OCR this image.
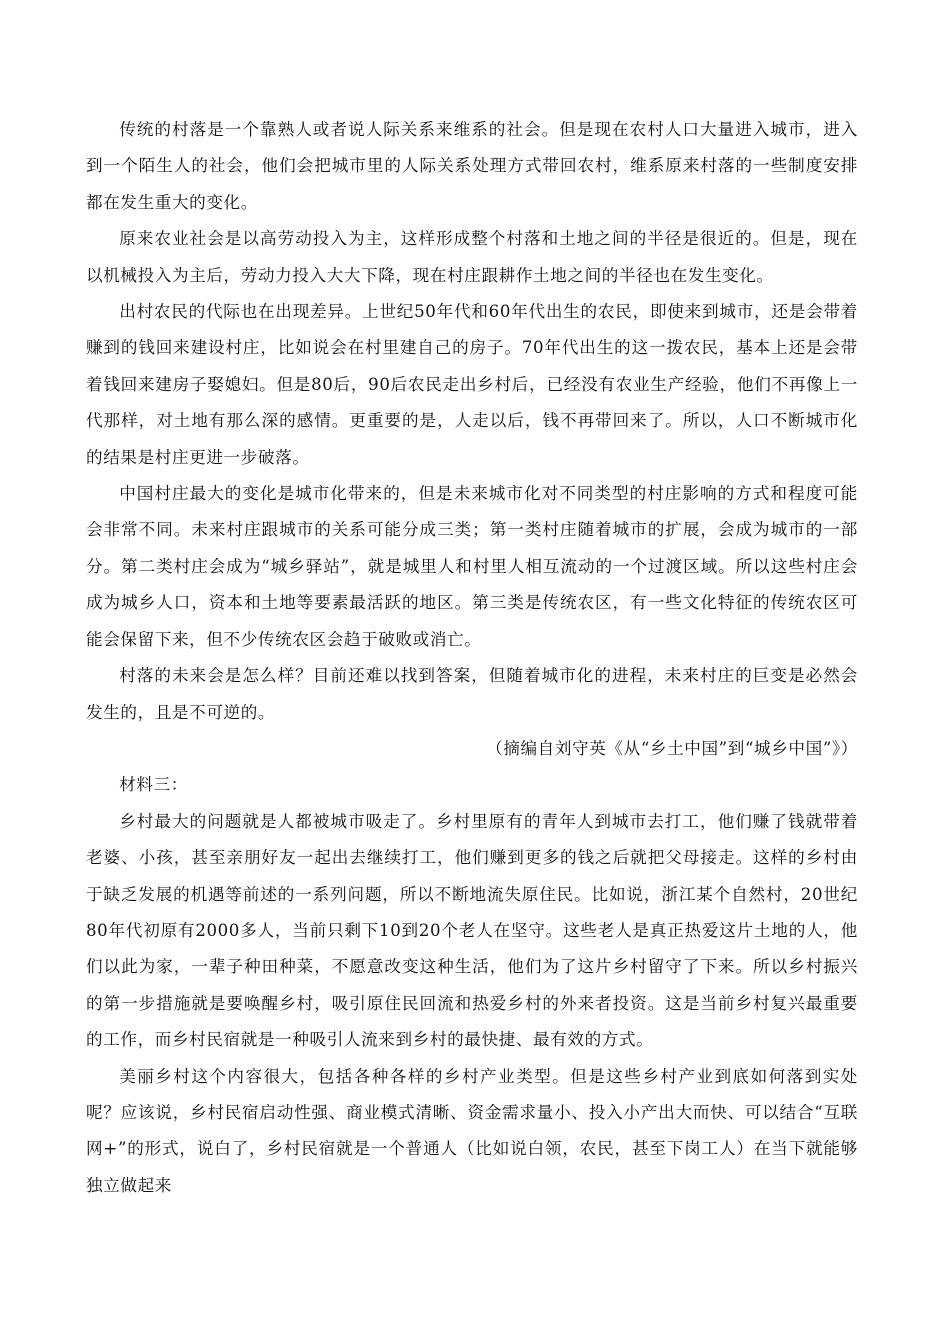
传统的村落是一个靠熟人或者说人际关系来维系的社会。但是现在农村人口大量进入城市，进入到一个陌生人的社会，他们会把城市里的人际关系处理方式带回农村，维系原来村落的一些制度安排都在发生重大的变化。

原来农业社会是以高劳动投入为主，这样形成整个村落和土地之间的半径是很近的。但是，现在以机械投入为主后，劳动力投入大大下降，现在村庄跟耕作土地之间的半径也在发生变化。

出村农民的代际也在出现差异。上世纪50年代和60年代出生的农民，即使来到城市，还是会带着赚到的钱回来建设村庄，比如说会在村里建自己的房子。70年代出生的这一拨农民，基本上还是会带着钱回来建房子娶媳妇。但是80后，90后农民走出乡村后，已经没有农业生产经验，他们不再像上一代那样，对土地有那么深的感情。更重要的是，人走以后，钱不再带回来了。所以，人口不断城市化的结果是村庄更进一步破落。

中国村庄最大的变化是城市化带来的，但是未来城市化对不同类型的村庄影响的方式和程度可能会非常不同。未来村庄跟城市的关系可能分成三类；第一类村庄随着城市的扩展，会成为城市的一部分。第二类村庄会成为“城乡驿站”，就是城里人和村里人相互流动的一个过渡区域。所以这些村庄会成为城乡人口，资本和土地等要素最活跃的地区。第三类是传统农区，有一些文化特征的传统农区可能会保留下来，但不少传统农区会趋于破败或消亡。

村落的未来会是怎么样？目前还难以找到答案，但随着城市化的进程，未来村庄的巨变是必然会发生的，且是不可逆的。

（摘编自刘守英《从“乡土中国”到“城乡中国”》）

材料三：

乡村最大的问题就是人都被城市吸走了。乡村里原有的青年人到城市去打工，他们赚了钱就带着老婆、小孩，甚至亲朋好友一起出去继续打工，他们赚到更多的钱之后就把父母接走。这样的乡村由于缺乏发展的机遇等前述的一系列问题，所以不断地流失原住民。比如说，浙江某个自然村，20世纪80年代初原有2000多人，当前只剩下10到20个老人在坚守。这些老人是真正热爱这片土地的人，他们以此为家，一辈子种田种菜，不愿意改变这种生活，他们为了这片乡村留守了下来。所以乡村振兴的第一步措施就是要唤醒乡村，吸引原住民回流和热爱乡村的外来者投资。这是当前乡村复兴最重要的工作，而乡村民宿就是一种吸引人流来到乡村的最快捷、最有效的方式。

美丽乡村这个内容很大，包括各种各样的乡村产业类型。但是这些乡村产业到底如何落到实处呢？应该说，乡村民宿启动性强、商业模式清晰、资金需求量小、投入小产出大而快、可以结合“互联网+”的形式，说白了，乡村民宿就是一个普通人（比如说白领，农民，甚至下岗工人）在当下就能够独立做起来
